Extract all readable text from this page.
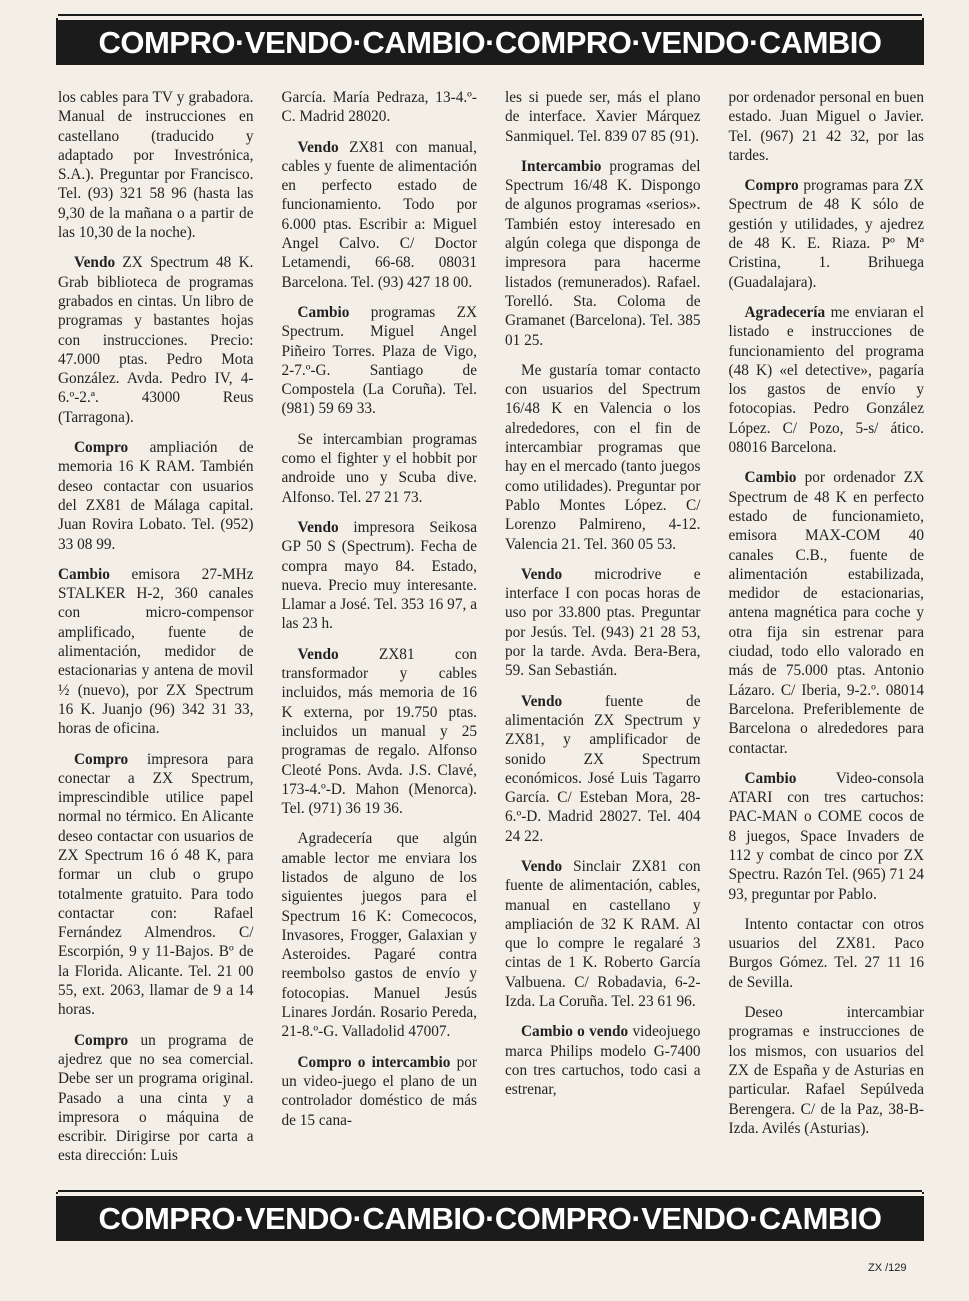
COMPRO·VENDO·CAMBIO·COMPRO·VENDO·CAMBIO

los cables para TV y grabadora. Manual de instrucciones en castellano (traducido y adaptado por Investrónica, S.A.). Preguntar por Francisco. Tel. (93) 321 58 96 (hasta las 9,30 de la mañana o a partir de las 10,30 de la noche).

Vendo ZX Spectrum 48 K. Grab biblioteca de programas grabados en cintas. Un libro de programas y bastantes hojas con instrucciones. Precio: 47.000 ptas. Pedro Mota González. Avda. Pedro IV, 4-6.º-2.ª. 43000 Reus (Tarragona).

Compro ampliación de memoria 16 K RAM. También deseo contactar con usuarios del ZX81 de Málaga capital. Juan Rovira Lobato. Tel. (952) 33 08 99.

Cambio emisora 27-MHz STALKER H-2, 360 canales con micro-compensor amplificado, fuente de alimentación, medidor de estacionarias y antena de movil ½ (nuevo), por ZX Spectrum 16 K. Juanjo (96) 342 31 33, horas de oficina.

Compro impresora para conectar a ZX Spectrum, imprescindible utilice papel normal no térmico. En Alicante deseo contactar con usuarios de ZX Spectrum 16 ó 48 K, para formar un club o grupo totalmente gratuito. Para todo contactar con: Rafael Fernández Almendros. C/ Escorpión, 9 y 11-Bajos. Bº de la Florida. Alicante. Tel. 21 00 55, ext. 2063, llamar de 9 a 14 horas.

Compro un programa de ajedrez que no sea comercial. Debe ser un programa original. Pasado a una cinta y a impresora o máquina de escribir. Dirigirse por carta a esta dirección: Luis

García. María Pedraza, 13-4.º-C. Madrid 28020.

Vendo ZX81 con manual, cables y fuente de alimentación en perfecto estado de funcionamiento. Todo por 6.000 ptas. Escribir a: Miguel Angel Calvo. C/ Doctor Letamendi, 66-68. 08031 Barcelona. Tel. (93) 427 18 00.

Cambio programas ZX Spectrum. Miguel Angel Piñeiro Torres. Plaza de Vigo, 2-7.º-G. Santiago de Compostela (La Coruña). Tel. (981) 59 69 33.

Se intercambian programas como el fighter y el hobbit por androide uno y Scuba dive. Alfonso. Tel. 27 21 73.

Vendo impresora Seikosa GP 50 S (Spectrum). Fecha de compra mayo 84. Estado, nueva. Precio muy interesante. Llamar a José. Tel. 353 16 97, a las 23 h.

Vendo ZX81 con transformador y cables incluidos, más memoria de 16 K externa, por 19.750 ptas. incluidos un manual y 25 programas de regalo. Alfonso Cleoté Pons. Avda. J.S. Clavé, 173-4.º-D. Mahon (Menorca). Tel. (971) 36 19 36.

Agradecería que algún amable lector me enviara los listados de alguno de los siguientes juegos para el Spectrum 16 K: Comecocos, Invasores, Frogger, Galaxian y Asteroides. Pagaré contra reembolso gastos de envío y fotocopias. Manuel Jesús Linares Jordán. Rosario Pereda, 21-8.º-G. Valladolid 47007.

Compro o intercambio por un video-juego el plano de un controlador doméstico de más de 15 cana-

les si puede ser, más el plano de interface. Xavier Márquez Sanmiquel. Tel. 839 07 85 (91).

Intercambio programas del Spectrum 16/48 K. Dispongo de algunos programas «serios». También estoy interesado en algún colega que disponga de impresora para hacerme listados (remunerados). Rafael. Torelló. Sta. Coloma de Gramanet (Barcelona). Tel. 385 01 25.

Me gustaría tomar contacto con usuarios del Spectrum 16/48 K en Valencia o los alrededores, con el fin de intercambiar programas que hay en el mercado (tanto juegos como utilidades). Preguntar por Pablo Montes López. C/ Lorenzo Palmireno, 4-12. Valencia 21. Tel. 360 05 53.

Vendo microdrive e interface I con pocas horas de uso por 33.800 ptas. Preguntar por Jesús. Tel. (943) 21 28 53, por la tarde. Avda. Bera-Bera, 59. San Sebastián.

Vendo fuente de alimentación ZX Spectrum y ZX81, y amplificador de sonido ZX Spectrum económicos. José Luis Tagarro García. C/ Esteban Mora, 28-6.º-D. Madrid 28027. Tel. 404 24 22.

Vendo Sinclair ZX81 con fuente de alimentación, cables, manual en castellano y ampliación de 32 K RAM. Al que lo compre le regalaré 3 cintas de 1 K. Roberto García Valbuena. C/ Robadavia, 6-2-Izda. La Coruña. Tel. 23 61 96.

Cambio o vendo videojuego marca Philips modelo G-7400 con tres cartuchos, todo casi a estrenar,

por ordenador personal en buen estado. Juan Miguel o Javier. Tel. (967) 21 42 32, por las tardes.

Compro programas para ZX Spectrum de 48 K sólo de gestión y utilidades, y ajedrez de 48 K. E. Riaza. Pº Mª Cristina, 1. Brihuega (Guadalajara).

Agradecería me enviaran el listado e instrucciones de funcionamiento del programa (48 K) «el detective», pagaría los gastos de envío y fotocopias. Pedro González López. C/ Pozo, 5-s/ ático. 08016 Barcelona.

Cambio por ordenador ZX Spectrum de 48 K en perfecto estado de funcionamieto, emisora MAX-COM 40 canales C.B., fuente de alimentación estabilizada, medidor de estacionarias, antena magnética para coche y otra fija sin estrenar para ciudad, todo ello valorado en más de 75.000 ptas. Antonio Lázaro. C/ Iberia, 9-2.º. 08014 Barcelona. Preferiblemente de Barcelona o alrededores para contactar.

Cambio Video-consola ATARI con tres cartuchos: PAC-MAN o COME cocos de 8 juegos, Space Invaders de 112 y combat de cinco por ZX Spectru. Razón Tel. (965) 71 24 93, preguntar por Pablo.

Intento contactar con otros usuarios del ZX81. Paco Burgos Gómez. Tel. 27 11 16 de Sevilla.

Deseo intercambiar programas e instrucciones de los mismos, con usuarios del ZX de España y de Asturias en particular. Rafael Sepúlveda Berengera. C/ de la Paz, 38-B-Izda. Avilés (Asturias).

COMPRO·VENDO·CAMBIO·COMPRO·VENDO·CAMBIO
ZX /129
